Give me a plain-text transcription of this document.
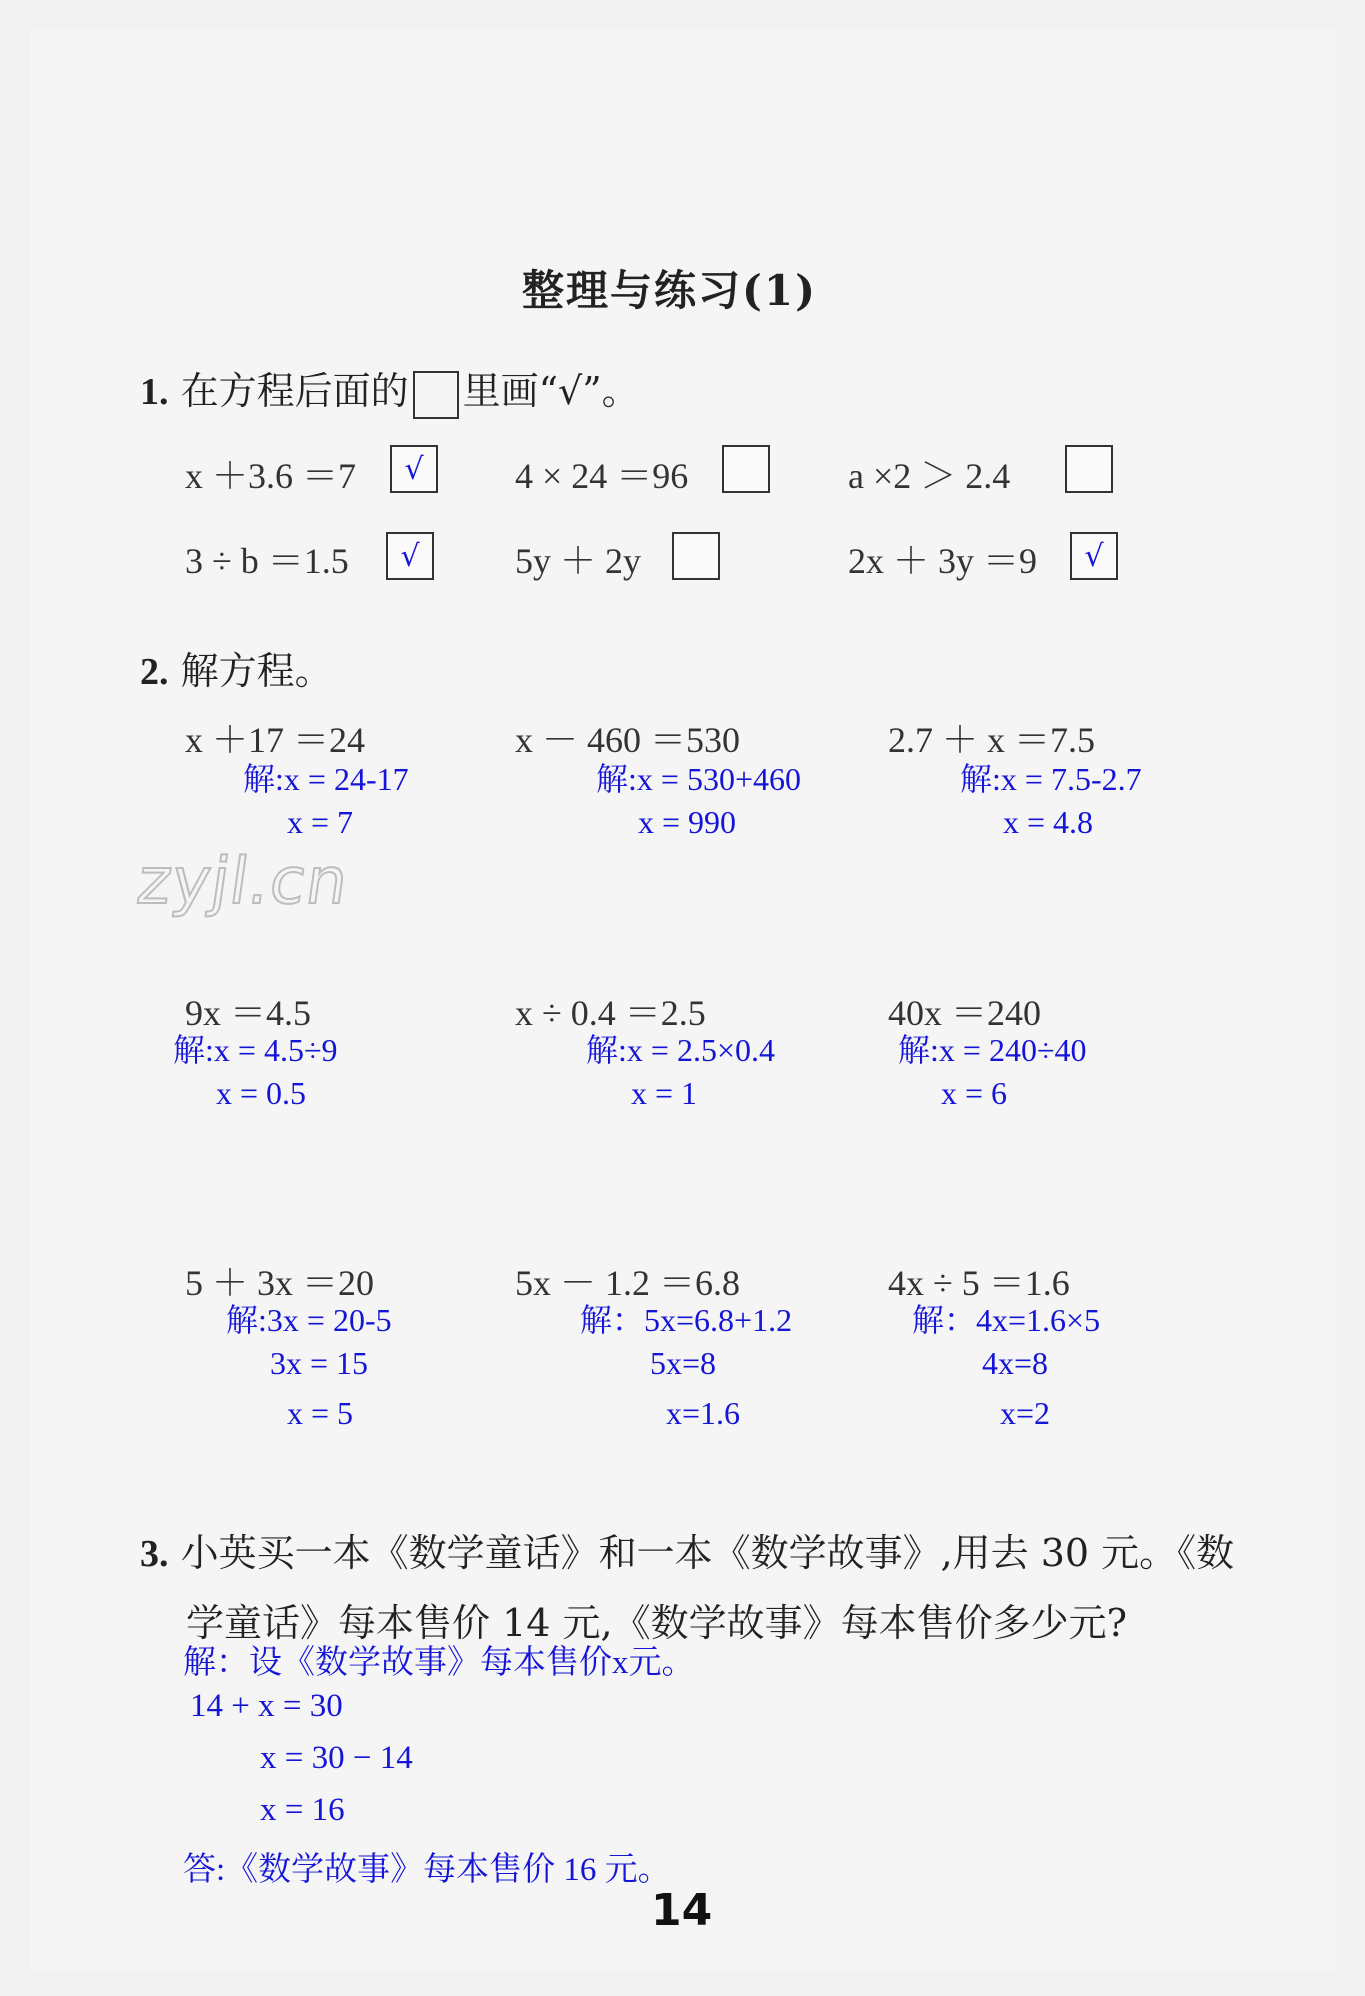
整理与练习(1)
1. 在方程后面的 里画“√”。
x ＋3.6 ＝7 √	4 × 24 ＝96	a ×2 ＞ 2.4
3 ÷ b ＝1.5 √	5y ＋ 2y	2x ＋ 3y ＝9 √
2. 解方程。
x ＋17 ＝24
解:x = 24-17
x = 7
x － 460 ＝530
解:x = 530+460
x = 990
2.7 ＋ x ＝7.5
解:x = 7.5-2.7
x = 4.8
zyjl.cn
9x ＝4.5
解:x = 4.5÷9
x = 0.5
x ÷ 0.4 ＝2.5
解:x = 2.5×0.4
x = 1
40x ＝240
解:x = 240÷40
x = 6
5 ＋ 3x ＝20
解:3x = 20-5
3x = 15
x = 5
5x － 1.2 ＝6.8
解：5x=6.8+1.2
5x=8
x=1.6
4x ÷ 5 ＝1.6
解：4x=1.6×5
4x=8
x=2
3. 小英买一本《数学童话》和一本《数学故事》,用去 30 元。《数
学童话》每本售价 14 元,《数学故事》每本售价多少元?
解：设《数学故事》每本售价x元。
14 + x = 30
x = 30 − 14
x = 16
答:《数学故事》每本售价 16 元。
14
